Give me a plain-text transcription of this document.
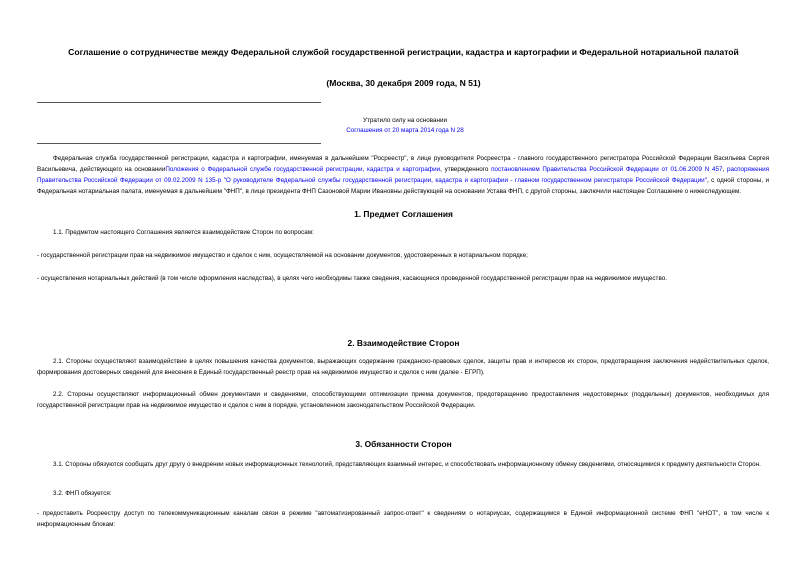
Соглашение о сотрудничестве между Федеральной службой государственной регистрации, кадастра и картографии и Федеральной нотариальной палатой
(Москва, 30 декабря 2009 года, N 51)
Утратило силу на основании
Соглашения от 20 марта 2014 года N 28

Федеральная служба государственной регистрации, кадастра и картографии, именуемая в дальнейшем "Росреестр", в лице руководителя Росреестра - главного государственного регистратора Российской Федерации Васильева Сергея Васильевича, действующего на основанииПоложения о Федеральной службе государственной регистрации, кадастра и картографии, утвержденного постановлением Правительства Российской Федерации от 01.06.2009 N 457, распоряжения Правительства Российской Федерации от 09.02.2009 N 135-р "О руководителе Федеральной службы государственной регистрации, кадастра и картографии - главном государственном регистраторе Российской Федерации", с одной стороны, и Федеральная нотариальная палата, именуемая в дальнейшем "ФНП", в лице президента ФНП Сазоновой Марии Ивановны действующей на основании Устава ФНП, с другой стороны, заключили настоящее Соглашение о нижеследующем.

1. Предмет Соглашения

1.1. Предметом настоящего Соглашения является взаимодействие Сторон по вопросам:

- государственной регистрации прав на недвижимое имущество и сделок с ним, осуществляемой на основании документов, удостоверенных в нотариальном порядке;

- осуществления нотариальных действий (в том числе оформления наследства), в целях чего необходимы также сведения, касающиеся проведенной государственной регистрации прав на недвижимое имущество.

2. Взаимодействие Сторон

2.1. Стороны осуществляют взаимодействие в целях повышения качества документов, выражающих содержание гражданско-правовых сделок, защиты прав и интересов их сторон, предотвращения заключения недействительных сделок, формирования достоверных сведений для внесения в Единый государственный реестр прав на недвижимое имущество и сделок с ним (далее - ЕГРП).

2.2. Стороны осуществляют информационный обмен документами и сведениями, способствующими оптимизации приема документов, предотвращению предоставления недостоверных (поддельных) документов, необходимых для государственной регистрации прав на недвижимое имущество и сделок с ним в порядке, установленном законодательством Российской Федерации.

3. Обязанности Сторон

3.1. Стороны обязуются сообщать друг другу о внедрении новых информационных технологий, представляющих взаимный интерес, и способствовать информационному обмену сведениями, относящимися к предмету деятельности Сторон.

3.2. ФНП обязуется:

- предоставить Росреестру доступ по телекоммуникационным каналам связи в режиме "автоматизированный запрос-ответ" к сведениям о нотариусах, содержащимся в Единой информационной системе ФНП "еНОТ", в том числе к информационным блокам:
